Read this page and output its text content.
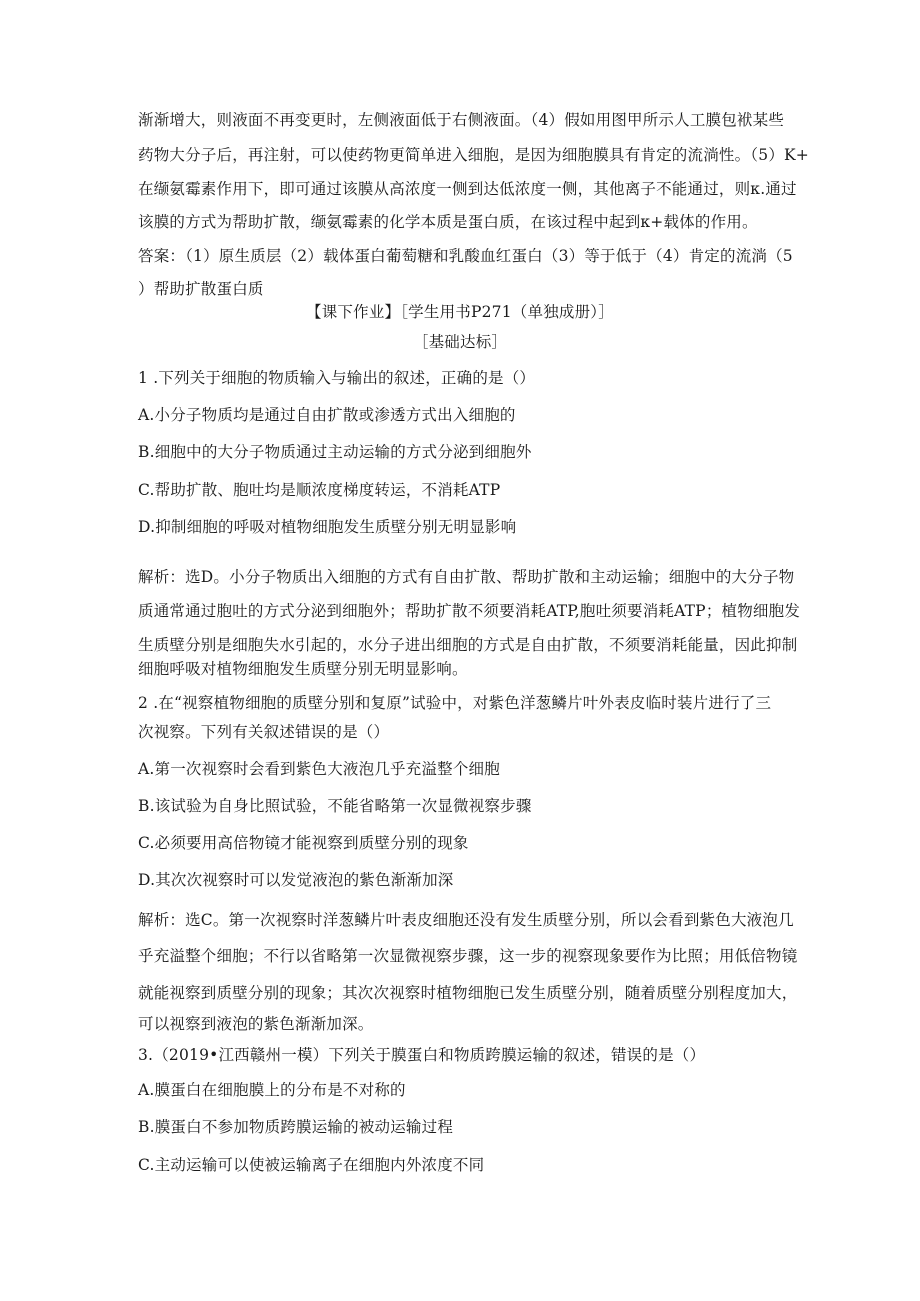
渐渐增大，则液面不再变更时，左侧液面低于右侧液面。（4）假如用图甲所示人工膜包袱某些
药物大分子后，再注射，可以使药物更简单进入细胞，是因为细胞膜具有肯定的流淌性。（5）K+
在缬氨霉素作用下，即可通过该膜从高浓度一侧到达低浓度一侧，其他离子不能通过，则κ.通过
该膜的方式为帮助扩散，缬氨霉素的化学本质是蛋白质，在该过程中起到κ+载体的作用。
答案：（1）原生质层（2）载体蛋白葡萄糖和乳酸血红蛋白（3）等于低于（4）肯定的流淌（5
）帮助扩散蛋白质
【课下作业】［学生用书P271（单独成册）］
［基础达标］
1 .下列关于细胞的物质输入与输出的叙述，正确的是（）
A.小分子物质均是通过自由扩散或渗透方式出入细胞的
B.细胞中的大分子物质通过主动运输的方式分泌到细胞外
C.帮助扩散、胞吐均是顺浓度梯度转运，不消耗ATP
D.抑制细胞的呼吸对植物细胞发生质壁分别无明显影响
解析：选D。小分子物质出入细胞的方式有自由扩散、帮助扩散和主动运输；细胞中的大分子物
质通常通过胞吐的方式分泌到细胞外；帮助扩散不须要消耗ATP,胞吐须要消耗ATP；植物细胞发
生质壁分别是细胞失水引起的，水分子进出细胞的方式是自由扩散，不须要消耗能量，因此抑制
细胞呼吸对植物细胞发生质壁分别无明显影响。
2 .在“视察植物细胞的质壁分别和复原”试验中，对紫色洋葱鳞片叶外表皮临时装片进行了三
次视察。下列有关叙述错误的是（）
A.第一次视察时会看到紫色大液泡几乎充溢整个细胞
B.该试验为自身比照试验，不能省略第一次显微视察步骤
C.必须要用高倍物镜才能视察到质壁分别的现象
D.其次次视察时可以发觉液泡的紫色渐渐加深
解析：选C。第一次视察时洋葱鳞片叶表皮细胞还没有发生质壁分别，所以会看到紫色大液泡几
乎充溢整个细胞；不行以省略第一次显微视察步骤，这一步的视察现象要作为比照；用低倍物镜
就能视察到质壁分别的现象；其次次视察时植物细胞已发生质壁分别，随着质壁分别程度加大，
可以视察到液泡的紫色渐渐加深。
3.（2019•江西赣州一模）下列关于膜蛋白和物质跨膜运输的叙述，错误的是（）
A.膜蛋白在细胞膜上的分布是不对称的
B.膜蛋白不参加物质跨膜运输的被动运输过程
C.主动运输可以使被运输离子在细胞内外浓度不同
